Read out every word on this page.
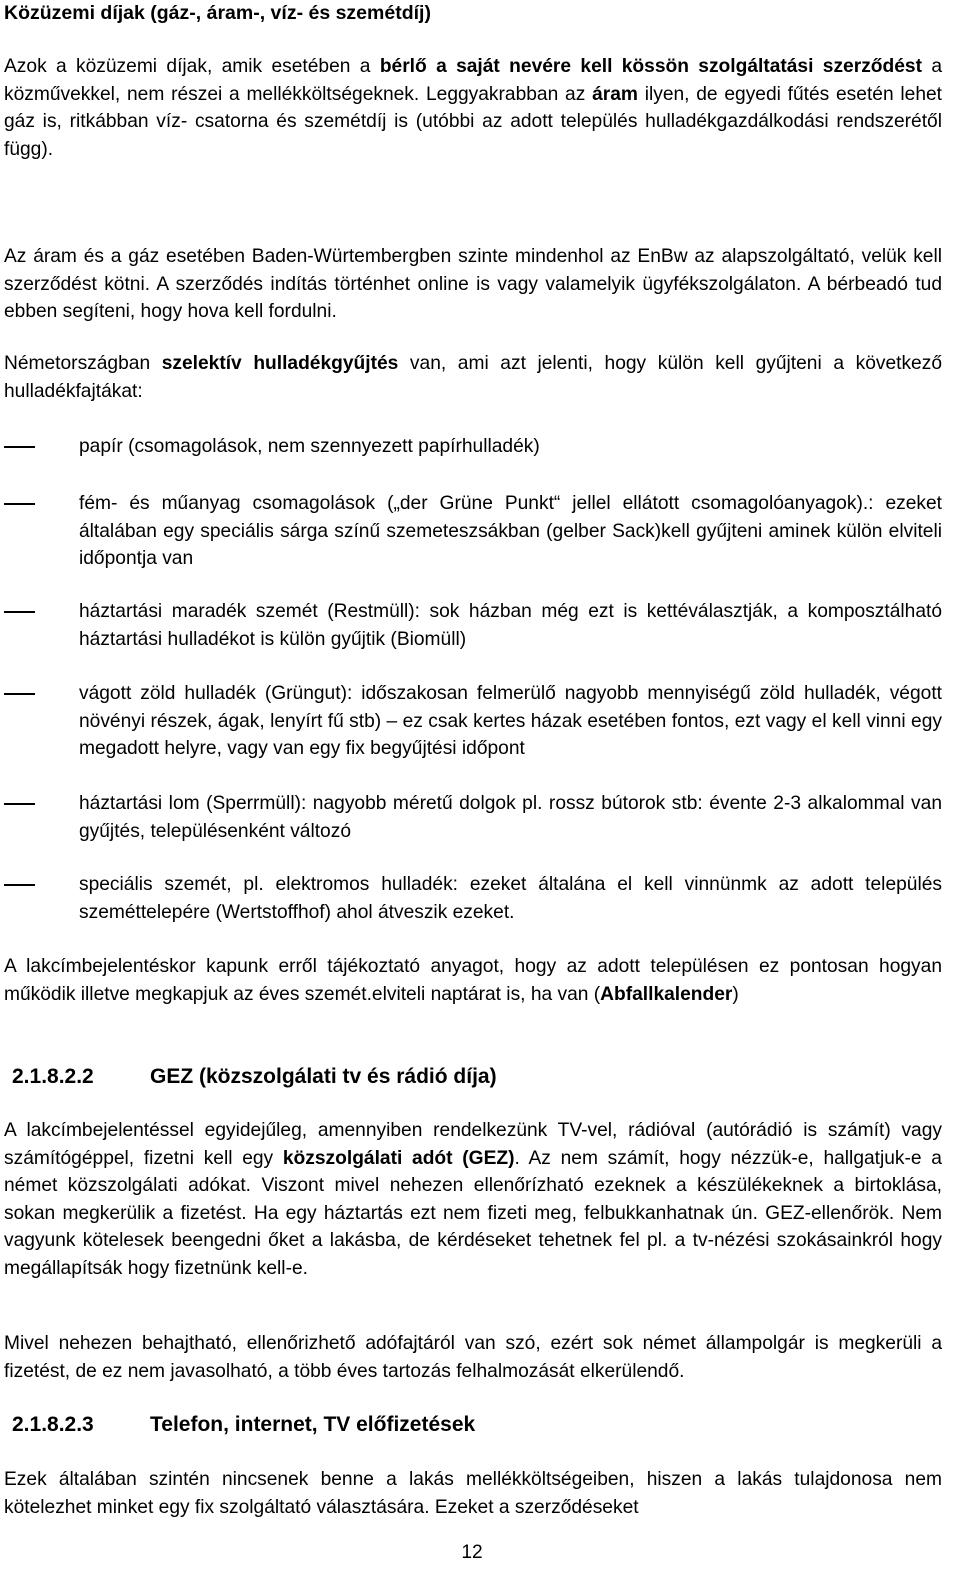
Közüzemi díjak (gáz-, áram-, víz- és szemétdíj)

Azok a közüzemi díjak, amik esetében a bérlő a saját nevére kell kössön szolgáltatási szerződést a közművekkel, nem részei a mellékköltségeknek. Leggyakrabban az áram ilyen, de egyedi fűtés esetén lehet gáz is, ritkábban víz- csatorna és szemétdíj is (utóbbi az adott település hulladékgazdálkodási rendszerétől függ).

Az áram és a gáz esetében Baden-Würtembergben szinte mindenhol az EnBw az alapszolgáltató, velük kell szerződést kötni. A szerződés indítás történhet online is vagy valamelyik ügyfékszolgálaton. A bérbeadó tud ebben segíteni, hogy hova kell fordulni.

Németországban szelektív hulladékgyűjtés van, ami azt jelenti, hogy külön kell gyűjteni a következő hulladékfajtákat:

papír (csomagolások, nem szennyezett papírhulladék)

fém- és műanyag csomagolások („der Grüne Punkt“ jellel ellátott csomagolóanyagok).: ezeket általában egy speciális sárga színű szemeteszsákban (gelber Sack)kell gyűjteni aminek külön elviteli időpontja van

háztartási maradék szemét (Restmüll): sok házban még ezt is kettéválasztják, a komposztálható háztartási hulladékot is külön gyűjtik (Biomüll)

vágott zöld hulladék (Grüngut): időszakosan felmerülő nagyobb mennyiségű zöld hulladék, végott növényi részek, ágak, lenyírt fű stb) – ez csak kertes házak esetében fontos, ezt vagy el kell vinni egy megadott helyre, vagy van egy fix begyűjtési időpont

háztartási lom (Sperrmüll): nagyobb méretű dolgok pl. rossz bútorok stb: évente 2-3 alkalommal van gyűjtés, településenként változó

speciális szemét, pl. elektromos hulladék: ezeket általána el kell vinnünmk az adott település szeméttelepére (Wertstoffhof) ahol átveszik ezeket.

A lakcímbejelentéskor kapunk erről tájékoztató anyagot, hogy az adott településen ez pontosan hogyan működik illetve megkapjuk az éves szemét.elviteli naptárat is, ha van (Abfallkalender)

2.1.8.2.2	GEZ (közszolgálati tv és rádió díja)

A lakcímbejelentéssel egyidejűleg, amennyiben rendelkezünk TV-vel, rádióval (autórádió is számít) vagy számítógéppel, fizetni kell egy közszolgálati adót (GEZ). Az nem számít, hogy nézzük-e, hallgatjuk-e a német közszolgálati adókat. Viszont mivel nehezen ellenőrízható ezeknek a készülékeknek a birtoklása, sokan megkerülik a fizetést. Ha egy háztartás ezt nem fizeti meg, felbukkanhatnak ún. GEZ-ellenőrök. Nem vagyunk kötelesek beengedni őket a lakásba, de kérdéseket tehetnek fel pl. a tv-nézési szokásainkról hogy megállapítsák hogy fizetnünk kell-e.

Mivel nehezen behajtható, ellenőrizhető adófajtáról van szó, ezért sok német állampolgár is megkerüli a fizetést, de ez nem javasolható, a több éves tartozás felhalmozását elkerülendő.

2.1.8.2.3	Telefon, internet, TV előfizetések

Ezek általában szintén nincsenek benne a lakás mellékköltségeiben, hiszen a lakás tulajdonosa nem kötelezhet minket egy fix szolgáltató választására. Ezeket a szerződéseket

12
